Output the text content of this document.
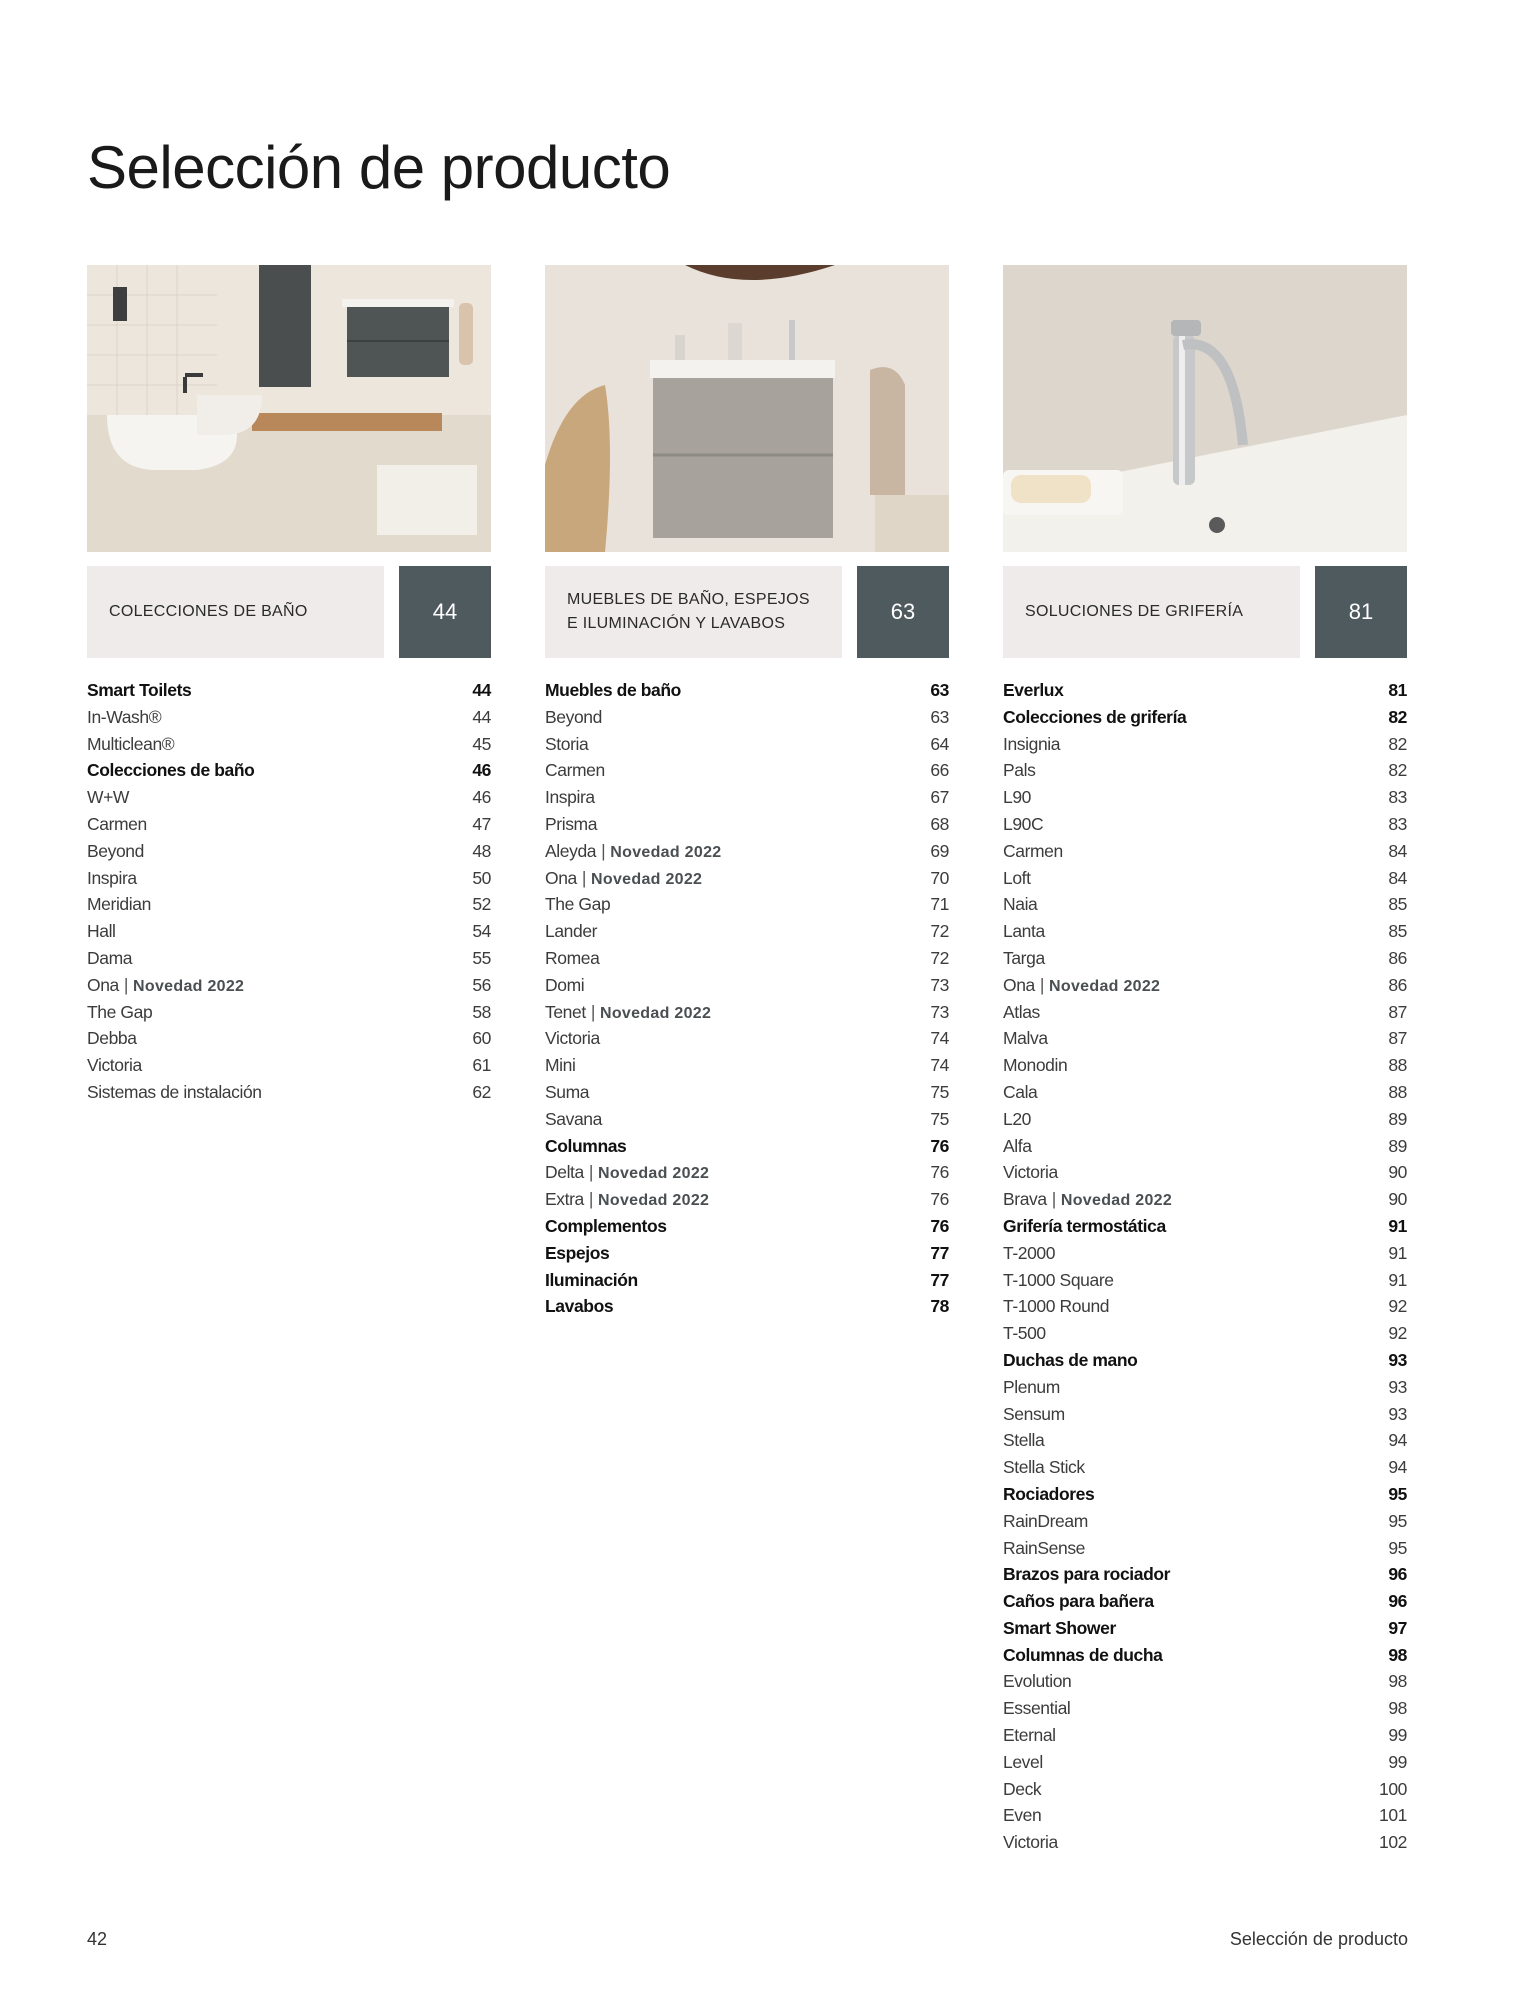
Selección de producto
COLECCIONES DE BAÑO	44
Smart Toilets	44
In-Wash®	44
Multiclean®	45
Colecciones de baño	46
W+W	46
Carmen	47
Beyond	48
Inspira	50
Meridian	52
Hall	54
Dama	55
Ona | Novedad 2022	56
The Gap	58
Debba	60
Victoria	61
Sistemas de instalación	62
MUEBLES DE BAÑO, ESPEJOS
E ILUMINACIÓN Y LAVABOS	63
Muebles de baño	63
Beyond	63
Storia	64
Carmen	66
Inspira	67
Prisma	68
Aleyda | Novedad 2022	69
Ona | Novedad 2022	70
The Gap	71
Lander	72
Romea	72
Domi	73
Tenet | Novedad 2022	73
Victoria	74
Mini	74
Suma	75
Savana	75
Columnas	76
Delta | Novedad 2022	76
Extra | Novedad 2022	76
Complementos	76
Espejos	77
Iluminación	77
Lavabos	78
SOLUCIONES DE GRIFERÍA	81
Everlux	81
Colecciones de grifería	82
Insignia	82
Pals	82
L90	83
L90C	83
Carmen	84
Loft	84
Naia	85
Lanta	85
Targa	86
Ona | Novedad 2022	86
Atlas	87
Malva	87
Monodin	88
Cala	88
L20	89
Alfa	89
Victoria	90
Brava | Novedad 2022	90
Grifería termostática	91
T-2000	91
T-1000 Square	91
T-1000 Round	92
T-500	92
Duchas de mano	93
Plenum	93
Sensum	93
Stella	94
Stella Stick	94
Rociadores	95
RainDream	95
RainSense	95
Brazos para rociador	96
Caños para bañera	96
Smart Shower	97
Columnas de ducha	98
Evolution	98
Essential	98
Eternal	99
Level	99
Deck	100
Even	101
Victoria	102
42	Selección de producto
